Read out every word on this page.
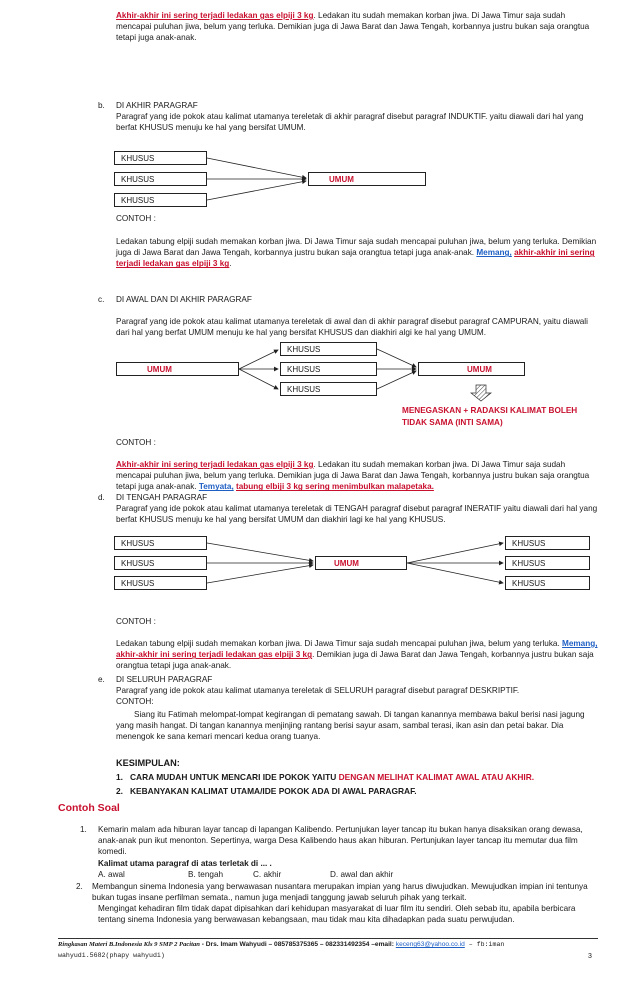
Akhir-akhir ini sering terjadi ledakan gas elpiji 3 kg. Ledakan itu sudah memakan korban jiwa. Di Jawa Timur saja sudah mencapai puluhan jiwa, belum yang terluka. Demikian juga di Jawa Barat dan Jawa Tengah, korbannya justru bukan saja orangtua tetapi juga anak-anak.
b. DI AKHIR PARAGRAF
Paragraf yang ide pokok atau kalimat utamanya tereletak di akhir paragraf disebut paragraf INDUKTIF. yaitu diawali dari hal yang berfat KHUSUS menuju ke hal yang bersifat UMUM.
KHUSUS
KHUSUS
KHUSUS
UMUM
CONTOH :
Ledakan tabung elpiji sudah memakan korban jiwa. Di Jawa Timur saja sudah mencapai puluhan jiwa, belum yang terluka. Demikian juga di Jawa Barat dan Jawa Tengah, korbannya justru bukan saja orangtua tetapi juga anak-anak. Memang, akhir-akhir ini sering terjadi ledakan gas elpiji 3 kg.
c. DI AWAL DAN DI AKHIR PARAGRAF
Paragraf yang ide pokok atau kalimat utamanya tereletak di awal dan di akhir paragraf disebut paragraf CAMPURAN, yaitu diawali dari hal yang berfat UMUM menuju ke hal yang bersifat KHUSUS dan diakhiri algi ke hal yang UMUM.
KHUSUS
KHUSUS
KHUSUS
UMUM	UMUM
MENEGASKAN + RADAKSI KALIMAT BOLEH
TIDAK SAMA (INTI SAMA)
CONTOH :
Akhir-akhir ini sering terjadi ledakan gas elpiji 3 kg. Ledakan itu sudah memakan korban jiwa. Di Jawa Timur saja sudah mencapai puluhan jiwa, belum yang terluka. Demikian juga di Jawa Barat dan Jawa Tengah, korbannya justru bukan saja orangtua tetapi juga anak-anak. Temyata, tabung elbiji 3 kg sering menimbulkan malapetaka.
d. DI TENGAH PARAGRAF
Paragraf yang ide pokok atau kalimat utamanya tereletak di TENGAH paragraf disebut paragraf INERATIF yaitu diawali dari hal yang berfat KHUSUS menuju ke hal yang bersifat UMUM dan diakhiri lagi ke hal yang KHUSUS.
KHUSUS
KHUSUS
KHUSUS
UMUM
KHUSUS
KHUSUS
KHUSUS
CONTOH :
Ledakan tabung elpiji sudah memakan korban jiwa. Di Jawa Timur saja sudah mencapai puluhan jiwa, belum yang terluka. Memang, akhir-akhir ini sering terjadi ledakan gas elpiji 3 kg. Demikian juga di Jawa Barat dan Jawa Tengah, korbannya justru bukan saja orangtua tetapi juga anak-anak.
e. DI SELURUH PARAGRAF
Paragraf yang ide pokok atau kalimat utamanya tereletak di SELURUH paragraf disebut paragraf DESKRIPTIF.
CONTOH:
Siang itu Fatimah melompat-lompat kegirangan di pematang sawah. Di tangan kanannya membawa bakul berisi nasi jagung yang masih hangat. Di tangan kanannya menjinjing rantang berisi sayur asam, sambal terasi, ikan asin dan petai bakar. Dia menengok ke sana kemari mencari kedua orang tuanya.
KESIMPULAN:
1. CARA MUDAH UNTUK MENCARI IDE POKOK YAITU DENGAN MELIHAT KALIMAT AWAL ATAU AKHIR.
2. KEBANYAKAN KALIMAT UTAMA/IDE POKOK ADA DI AWAL PARAGRAF.
Contoh Soal
1. Kemarin malam ada hiburan layar tancap di lapangan Kalibendo. Pertunjukan layer tancap itu bukan hanya disaksikan orang dewasa, anak-anak pun ikut menonton. Sepertinya, warga Desa Kalibendo haus akan hiburan. Pertunjukan layer tancap itu memutar dua film komedi.
Kalimat utama paragraf di atas terletak di ... .
A. awal	B. tengah	C. akhir	D. awal dan akhir
2. Membangun sinema Indonesia yang berwawasan nusantara merupakan impian yang harus diwujudkan. Mewujudkan impian ini tentunya bukan tugas insane perfilman semata., namun juga menjadi tanggung jawab seluruh pihak yang terkait.
Mengingat kehadiran film tidak dapat dipisahkan dari kehidupan masyarakat di luar film itu sendiri. Oleh sebab itu, apabila berbicara tentang sinema Indonesia yang berwawasan kebangsaan, mau tidak mau kita dihadapkan pada suatu perwujudan.
Ringkasan Materi B.Indonesia Kls 9 SMP 2 Pacitan - Drs. Imam Wahyudi – 085785375365 – 082331492354 –email: keceng63@yahoo.co.id – fb:iman
wahyudi.5682(phapy wahyudi)	3
